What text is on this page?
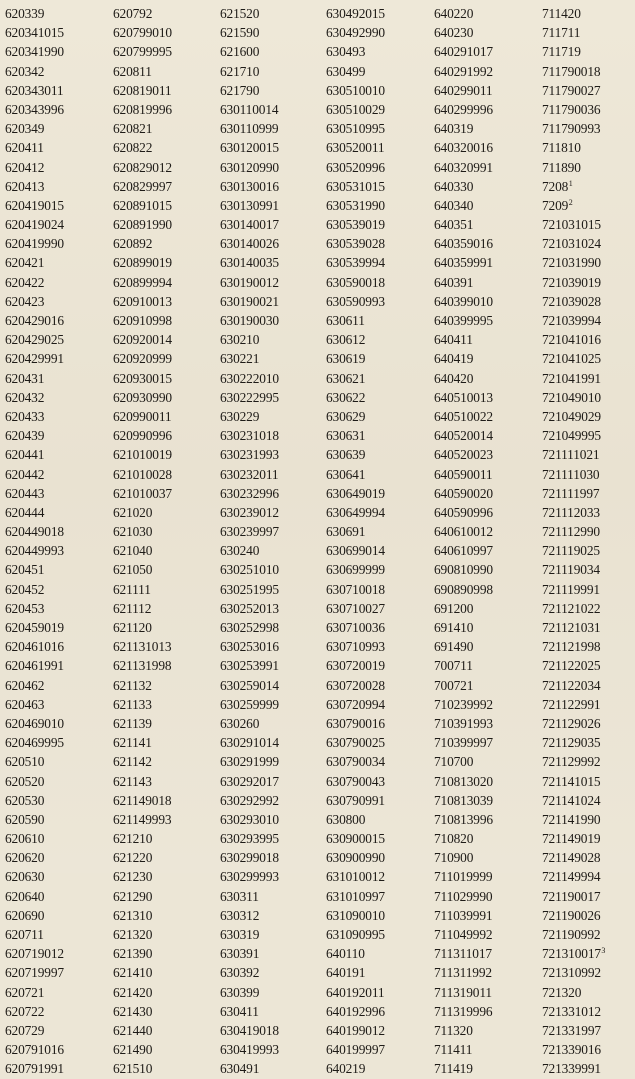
620339
620341015
620341990
620342
620343011
620343996
620349
620411
620412
620413
620419015
620419024
620419990
620421
620422
620423
620429016
620429025
620429991
620431
620432
620433
620439
620441
620442
620443
620444
620449018
620449993
620451
620452
620453
620459019
620461016
620461991
620462
620463
620469010
620469995
620510
620520
620530
620590
620610
620620
620630
620640
620690
620711
620719012
620719997
620721
620722
620729
620791016
620791991
620792
620799010
620799995
620811
620819011
620819996
620821
620822
620829012
620829997
620891015
620891990
620892
620899019
620899994
620910013
620910998
620920014
620920999
620930015
620930990
620990011
620990996
621010019
621010028
621010037
621020
621030
621040
621050
621111
621112
621120
621131013
621131998
621132
621133
621139
621141
621142
621143
621149018
621149993
621210
621220
621230
621290
621310
621320
621390
621410
621420
621430
621440
621490
621510
621520
621590
621600
621710
621790
630110014
630110999
630120015
630120990
630130016
630130991
630140017
630140026
630140035
630190012
630190021
630190030
630210
630221
630222010
630222995
630229
630231018
630231993
630232011
630232996
630239012
630239997
630240
630251010
630251995
630252013
630252998
630253016
630253991
630259014
630259999
630260
630291014
630291999
630292017
630292992
630293010
630293995
630299018
630299993
630311
630312
630319
630391
630392
630399
630411
630419018
630419993
630491
630492015
630492990
630493
630499
630510010
630510029
630510995
630520011
630520996
630531015
630531990
630539019
630539028
630539994
630590018
630590993
630611
630612
630619
630621
630622
630629
630631
630639
630641
630649019
630649994
630691
630699014
630699999
630710018
630710027
630710036
630710993
630720019
630720028
630720994
630790016
630790025
630790034
630790043
630790991
630800
630900015
630900990
631010012
631010997
631090010
631090995
640110
640191
640192011
640192996
640199012
640199997
640219
640220
640230
640291017
640291992
640299011
640299996
640319
640320016
640320991
640330
640340
640351
640359016
640359991
640391
640399010
640399995
640411
640419
640420
640510013
640510022
640520014
640520023
640590011
640590020
640590996
640610012
640610997
690810990
690890998
691200
691410
691490
700711
700721
710239992
710391993
710399997
710700
710813020
710813039
710813996
710820
710900
711019999
711029990
711039991
711049992
711311017
711311992
711319011
711319996
711320
711411
711419
711420
711711
711719
711790018
711790027
711790036
711790993
711810
711890
7208$^1$
7209$^2$
721031015
721031024
721031990
721039019
721039028
721039994
721041016
721041025
721041991
721049010
721049029
721049995
721111021
721111030
721111997
721112033
721112990
721119025
721119034
721119991
721121022
721121031
721121998
721122025
721122034
721122991
721129026
721129035
721129992
721141015
721141024
721141990
721149019
721149028
721149994
721190017
721190026
721190992
721310017$^3$
721310992
721320
721331012
721331997
721339016
721339991
